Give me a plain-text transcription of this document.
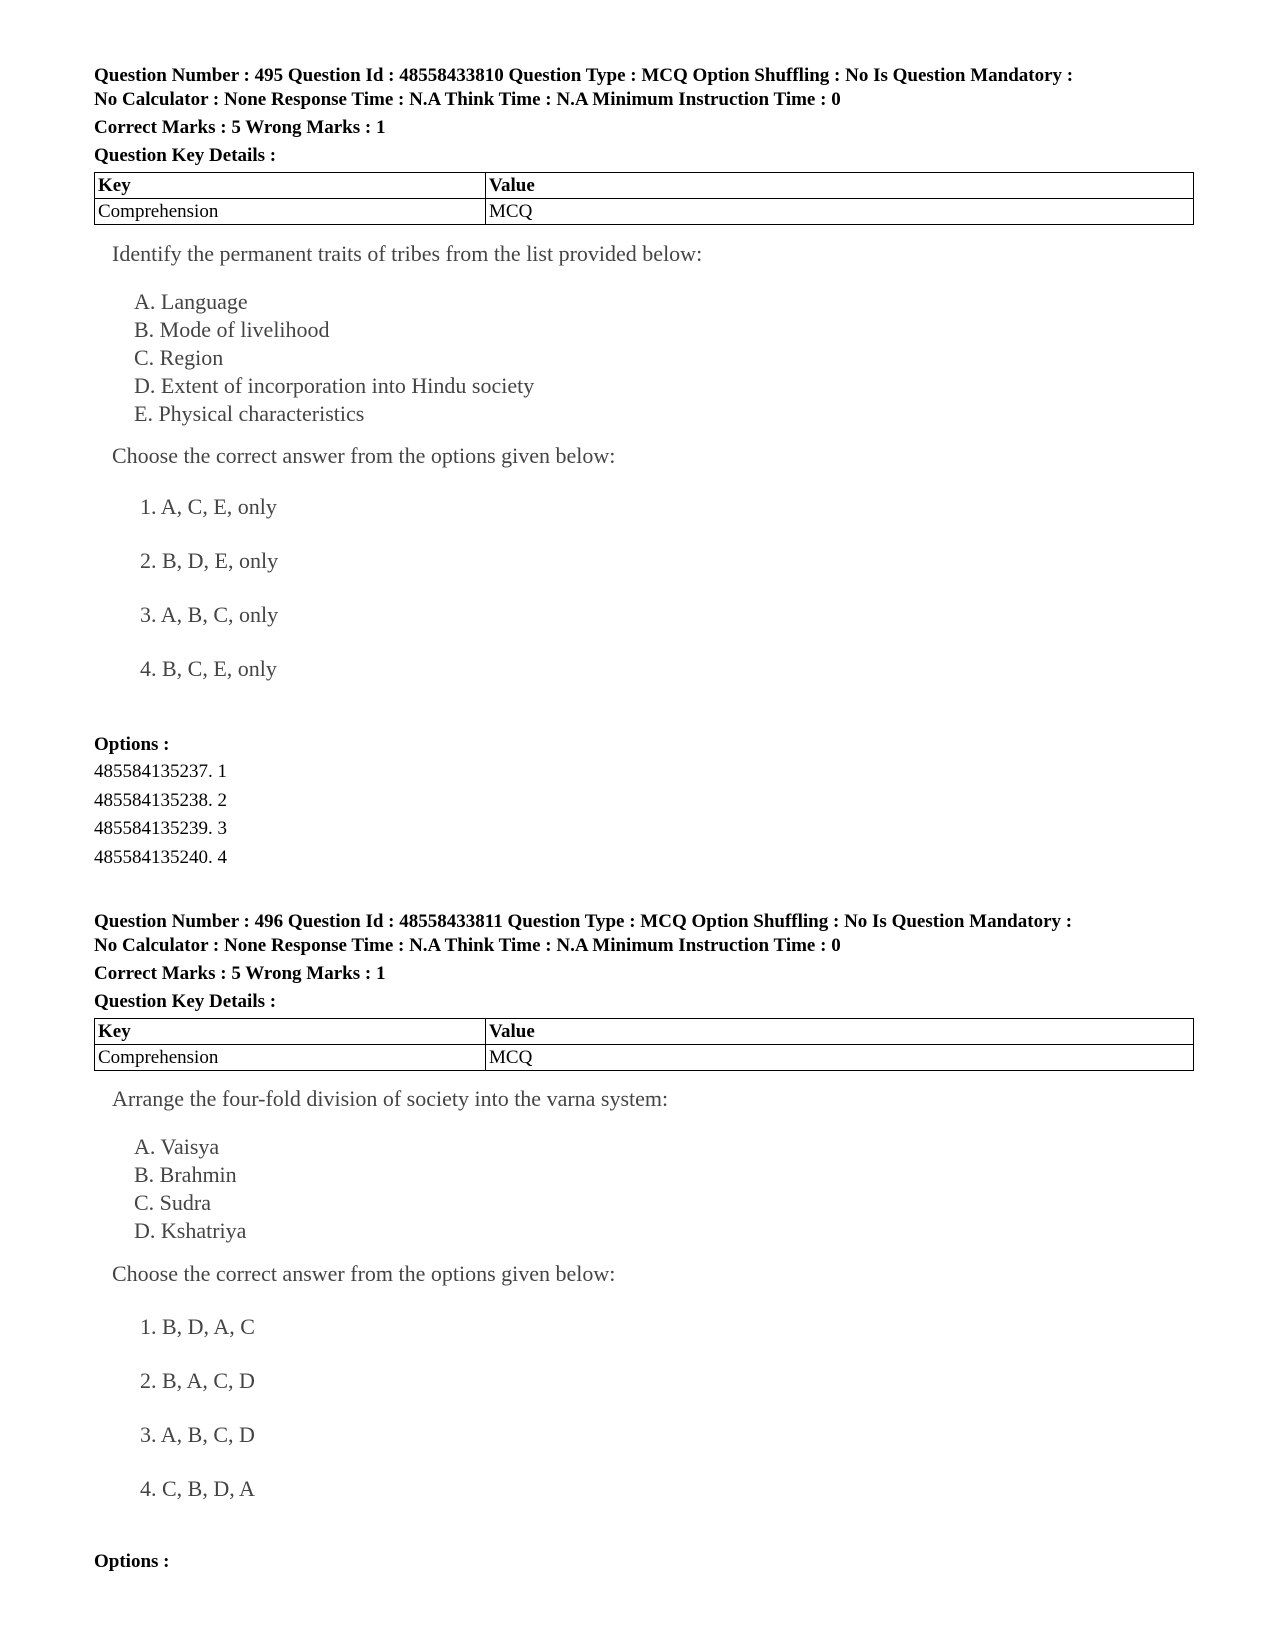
Question Number : 495 Question Id : 48558433810 Question Type : MCQ Option Shuffling : No Is Question Mandatory :
No Calculator : None Response Time : N.A Think Time : N.A Minimum Instruction Time : 0
Correct Marks : 5 Wrong Marks : 1
Question Key Details :
Key	Value
Comprehension	MCQ
Identify the permanent traits of tribes from the list provided below:
A. Language
B. Mode of livelihood
C. Region
D. Extent of incorporation into Hindu society
E. Physical characteristics
Choose the correct answer from the options given below:
1. A, C, E, only
2. B, D, E, only
3. A, B, C, only
4. B, C, E, only
Options :
485584135237. 1
485584135238. 2
485584135239. 3
485584135240. 4
Question Number : 496 Question Id : 48558433811 Question Type : MCQ Option Shuffling : No Is Question Mandatory :
No Calculator : None Response Time : N.A Think Time : N.A Minimum Instruction Time : 0
Correct Marks : 5 Wrong Marks : 1
Question Key Details :
Key	Value
Comprehension	MCQ
Arrange the four-fold division of society into the varna system:
A. Vaisya
B. Brahmin
C. Sudra
D. Kshatriya
Choose the correct answer from the options given below:
1. B, D, A, C
2. B, A, C, D
3. A, B, C, D
4. C, B, D, A
Options :
